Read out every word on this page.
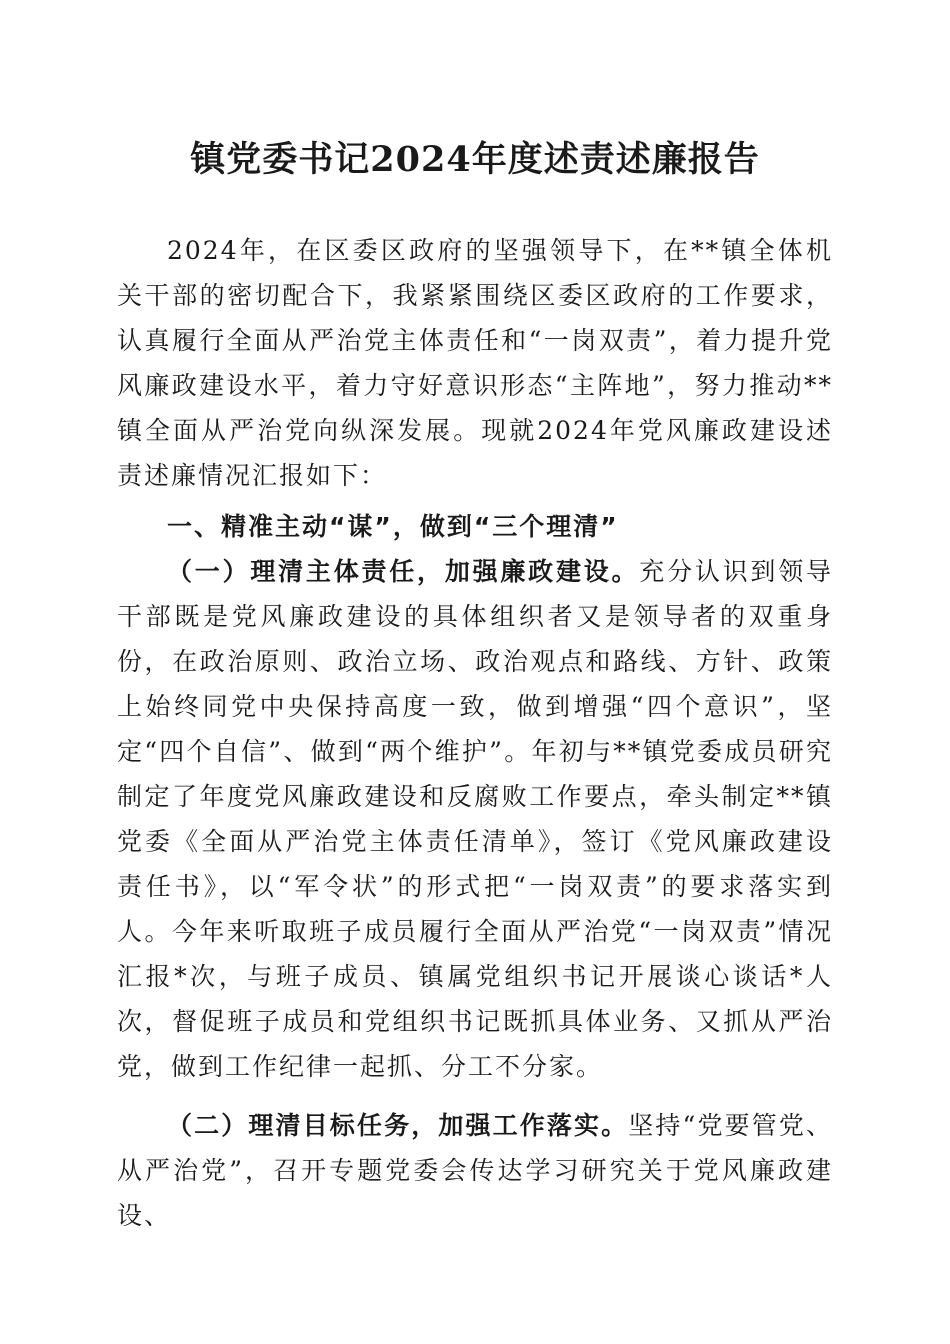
镇党委书记2024年度述责述廉报告

2024年，在区委区政府的坚强领导下，在**镇全体机关干部的密切配合下，我紧紧围绕区委区政府的工作要求，认真履行全面从严治党主体责任和“一岗双责”，着力提升党风廉政建设水平，着力守好意识形态“主阵地”，努力推动**镇全面从严治党向纵深发展。现就2024年党风廉政建设述责述廉情况汇报如下：

一、精准主动“谋”，做到“三个理清”

（一）理清主体责任，加强廉政建设。充分认识到领导干部既是党风廉政建设的具体组织者又是领导者的双重身份，在政治原则、政治立场、政治观点和路线、方针、政策上始终同党中央保持高度一致，做到增强“四个意识”，坚定“四个自信”、做到“两个维护”。年初与**镇党委成员研究制定了年度党风廉政建设和反腐败工作要点，牵头制定**镇党委《全面从严治党主体责任清单》，签订《党风廉政建设责任书》，以“军令状”的形式把“一岗双责”的要求落实到人。今年来听取班子成员履行全面从严治党“一岗双责”情况汇报*次，与班子成员、镇属党组织书记开展谈心谈话*人次，督促班子成员和党组织书记既抓具体业务、又抓从严治党，做到工作纪律一起抓、分工不分家。

（二）理清目标任务，加强工作落实。坚持“党要管党、从严治党”，召开专题党委会传达学习研究关于党风廉政建设、
